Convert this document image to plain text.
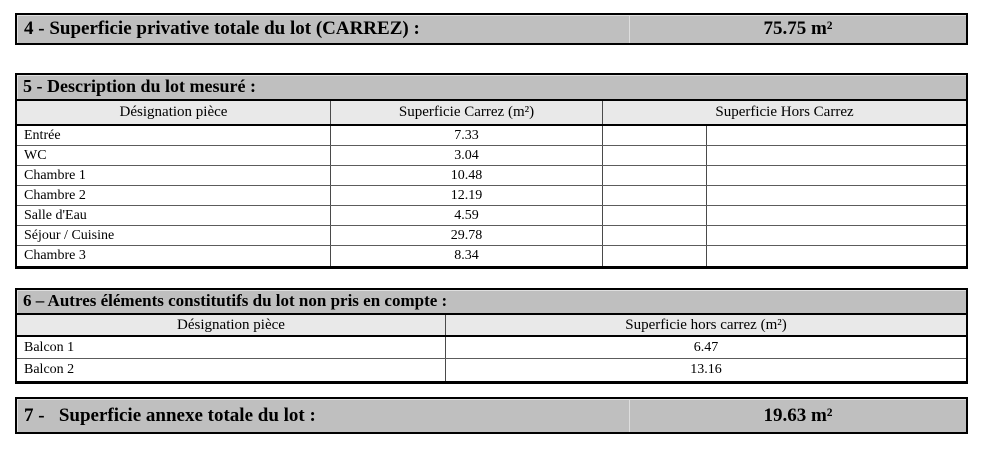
4 - Superficie privative totale du lot (CARREZ) :	75.75 m²
5 - Description du lot mesuré :
Désignation pièce	Superficie Carrez (m²)	Superficie Hors Carrez
Entrée	7.33
WC	3.04
Chambre 1	10.48
Chambre 2	12.19
Salle d'Eau	4.59
Séjour / Cuisine	29.78
Chambre 3	8.34
6 – Autres éléments constitutifs du lot non pris en compte :
Désignation pièce	Superficie hors carrez (m²)
Balcon 1	6.47
Balcon 2	13.16
7 -   Superficie annexe totale du lot :	19.63 m²
